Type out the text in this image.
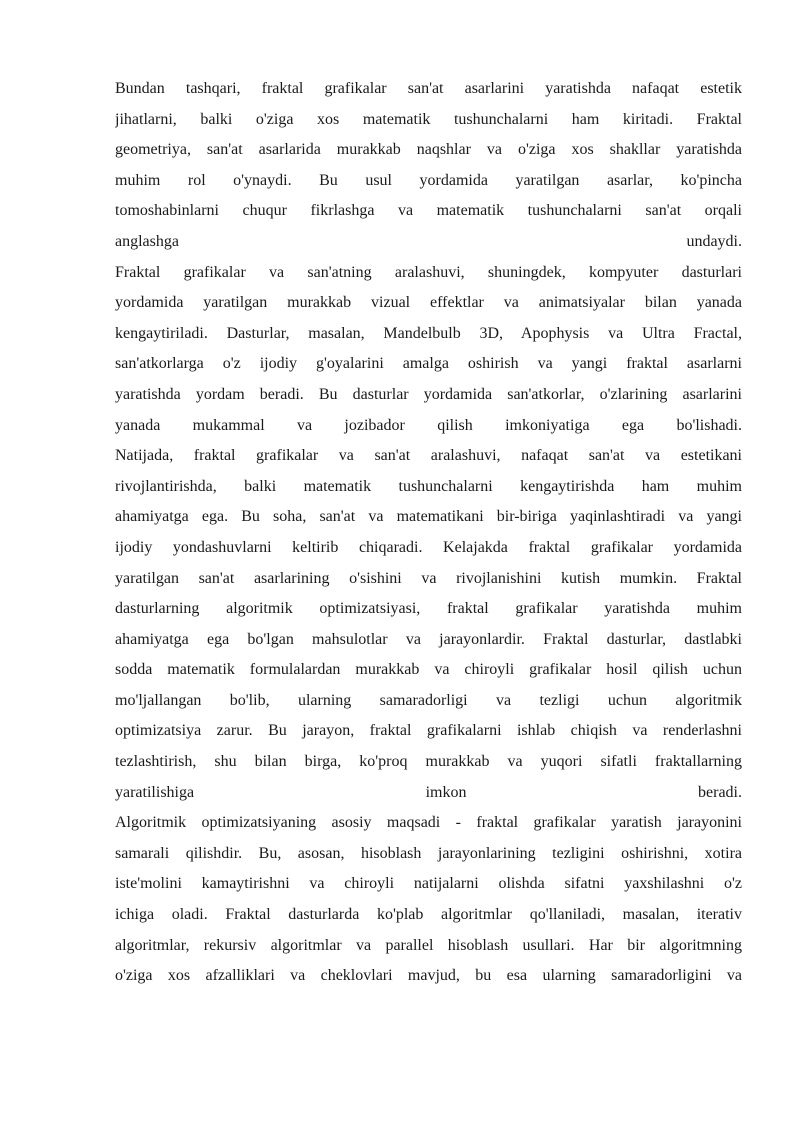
Bundan tashqari, fraktal grafikalar san'at asarlarini yaratishda nafaqat estetik
jihatlarni, balki o'ziga xos matematik tushunchalarni ham kiritadi. Fraktal
geometriya, san'at asarlarida murakkab naqshlar va o'ziga xos shakllar yaratishda
muhim rol o'ynaydi. Bu usul yordamida yaratilgan asarlar, ko'pincha
tomoshabinlarni chuqur fikrlashga va matematik tushunchalarni san'at orqali
anglashga undaydi.
Fraktal grafikalar va san'atning aralashuvi, shuningdek, kompyuter dasturlari
yordamida yaratilgan murakkab vizual effektlar va animatsiyalar bilan yanada
kengaytiriladi. Dasturlar, masalan, Mandelbulb 3D, Apophysis va Ultra Fractal,
san'atkorlarga o'z ijodiy g'oyalarini amalga oshirish va yangi fraktal asarlarni
yaratishda yordam beradi. Bu dasturlar yordamida san'atkorlar, o'zlarining asarlarini
yanada mukammal va jozibador qilish imkoniyatiga ega bo'lishadi.
Natijada, fraktal grafikalar va san'at aralashuvi, nafaqat san'at va estetikani
rivojlantirishda, balki matematik tushunchalarni kengaytirishda ham muhim
ahamiyatga ega. Bu soha, san'at va matematikani bir-biriga yaqinlashtiradi va yangi
ijodiy yondashuvlarni keltirib chiqaradi. Kelajakda fraktal grafikalar yordamida
yaratilgan san'at asarlarining o'sishini va rivojlanishini kutish mumkin. Fraktal
dasturlarning algoritmik optimizatsiyasi, fraktal grafikalar yaratishda muhim
ahamiyatga ega bo'lgan mahsulotlar va jarayonlardir. Fraktal dasturlar, dastlabki
sodda matematik formulalardan murakkab va chiroyli grafikalar hosil qilish uchun
mo'ljallangan bo'lib, ularning samaradorligi va tezligi uchun algoritmik
optimizatsiya zarur. Bu jarayon, fraktal grafikalarni ishlab chiqish va renderlashni
tezlashtirish, shu bilan birga, ko'proq murakkab va yuqori sifatli fraktallarning
yaratilishiga imkon beradi.
Algoritmik optimizatsiyaning asosiy maqsadi - fraktal grafikalar yaratish jarayonini
samarali qilishdir. Bu, asosan, hisoblash jarayonlarining tezligini oshirishni, xotira
iste'molini kamaytirishni va chiroyli natijalarni olishda sifatni yaxshilashni o'z
ichiga oladi. Fraktal dasturlarda ko'plab algoritmlar qo'llaniladi, masalan, iterativ
algoritmlar, rekursiv algoritmlar va parallel hisoblash usullari. Har bir algoritmning
o'ziga xos afzalliklari va cheklovlari mavjud, bu esa ularning samaradorligini va
